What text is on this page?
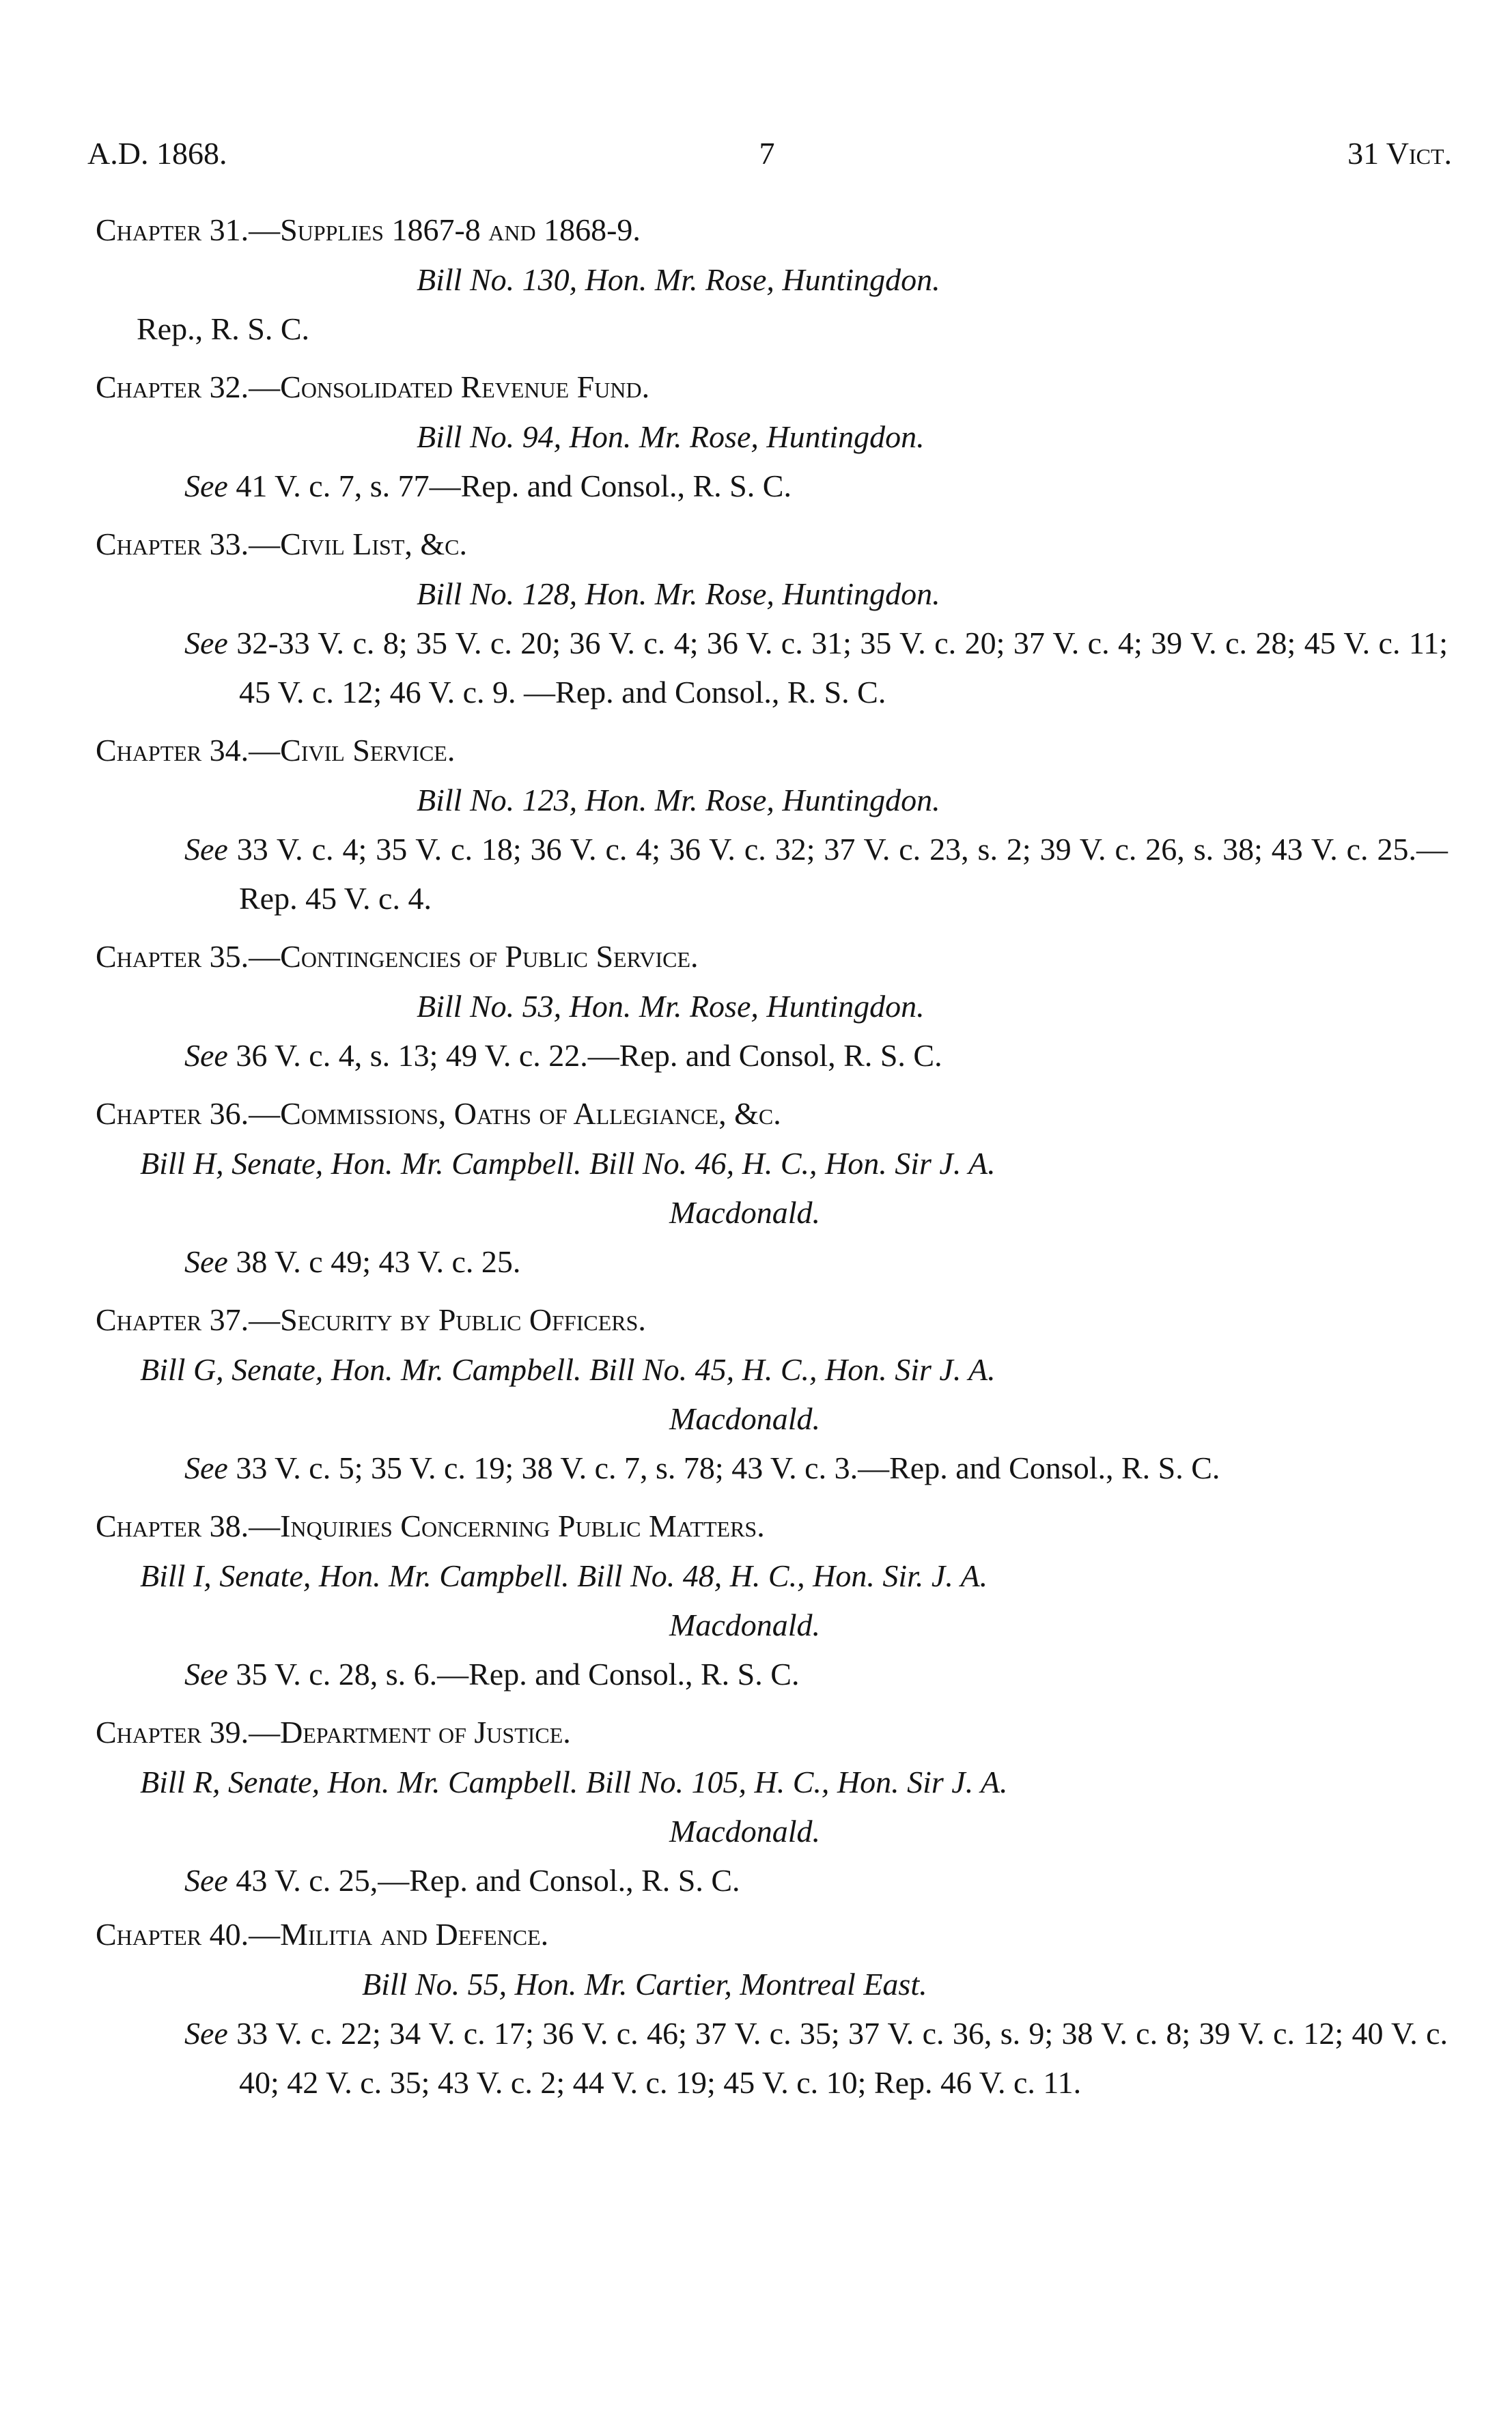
A.D. 1868.	7	31 Vict.
Chapter 31.—Supplies 1867-8 and 1868-9.
Bill No. 130, Hon. Mr. Rose, Huntingdon.
Rep., R. S. C.
Chapter 32.—Consolidated Revenue Fund.
Bill No. 94, Hon. Mr. Rose, Huntingdon.
See 41 V. c. 7, s. 77—Rep. and Consol., R. S. C.
Chapter 33.—Civil List, &c.
Bill No. 128, Hon. Mr. Rose, Huntingdon.
See 32-33 V. c. 8; 35 V. c. 20; 36 V. c. 4; 36 V. c. 31; 35 V. c. 20; 37 V. c. 4; 39 V. c. 28; 45 V. c. 11; 45 V. c. 12; 46 V. c. 9. —Rep. and Consol., R. S. C.
Chapter 34.—Civil Service.
Bill No. 123, Hon. Mr. Rose, Huntingdon.
See 33 V. c. 4; 35 V. c. 18; 36 V. c. 4; 36 V. c. 32; 37 V. c. 23, s. 2; 39 V. c. 26, s. 38; 43 V. c. 25.—Rep. 45 V. c. 4.
Chapter 35.—Contingencies of Public Service.
Bill No. 53, Hon. Mr. Rose, Huntingdon.
See 36 V. c. 4, s. 13; 49 V. c. 22.—Rep. and Consol, R. S. C.
Chapter 36.—Commissions, Oaths of Allegiance, &c.
Bill H, Senate, Hon. Mr. Campbell. Bill No. 46, H. C., Hon. Sir J. A.
Macdonald.
See 38 V. c 49; 43 V. c. 25.
Chapter 37.—Security by Public Officers.
Bill G, Senate, Hon. Mr. Campbell. Bill No. 45, H. C., Hon. Sir J. A.
Macdonald.
See 33 V. c. 5; 35 V. c. 19; 38 V. c. 7, s. 78; 43 V. c. 3.—Rep. and Consol., R. S. C.
Chapter 38.—Inquiries Concerning Public Matters.
Bill I, Senate, Hon. Mr. Campbell. Bill No. 48, H. C., Hon. Sir. J. A.
Macdonald.
See 35 V. c. 28, s. 6.—Rep. and Consol., R. S. C.
Chapter 39.—Department of Justice.
Bill R, Senate, Hon. Mr. Campbell. Bill No. 105, H. C., Hon. Sir J. A.
Macdonald.
See 43 V. c. 25,—Rep. and Consol., R. S. C.
Chapter 40.—Militia and Defence.
Bill No. 55, Hon. Mr. Cartier, Montreal East.
See 33 V. c. 22; 34 V. c. 17; 36 V. c. 46; 37 V. c. 35; 37 V. c. 36, s. 9; 38 V. c. 8; 39 V. c. 12; 40 V. c. 40; 42 V. c. 35; 43 V. c. 2; 44 V. c. 19; 45 V. c. 10; Rep. 46 V. c. 11.
